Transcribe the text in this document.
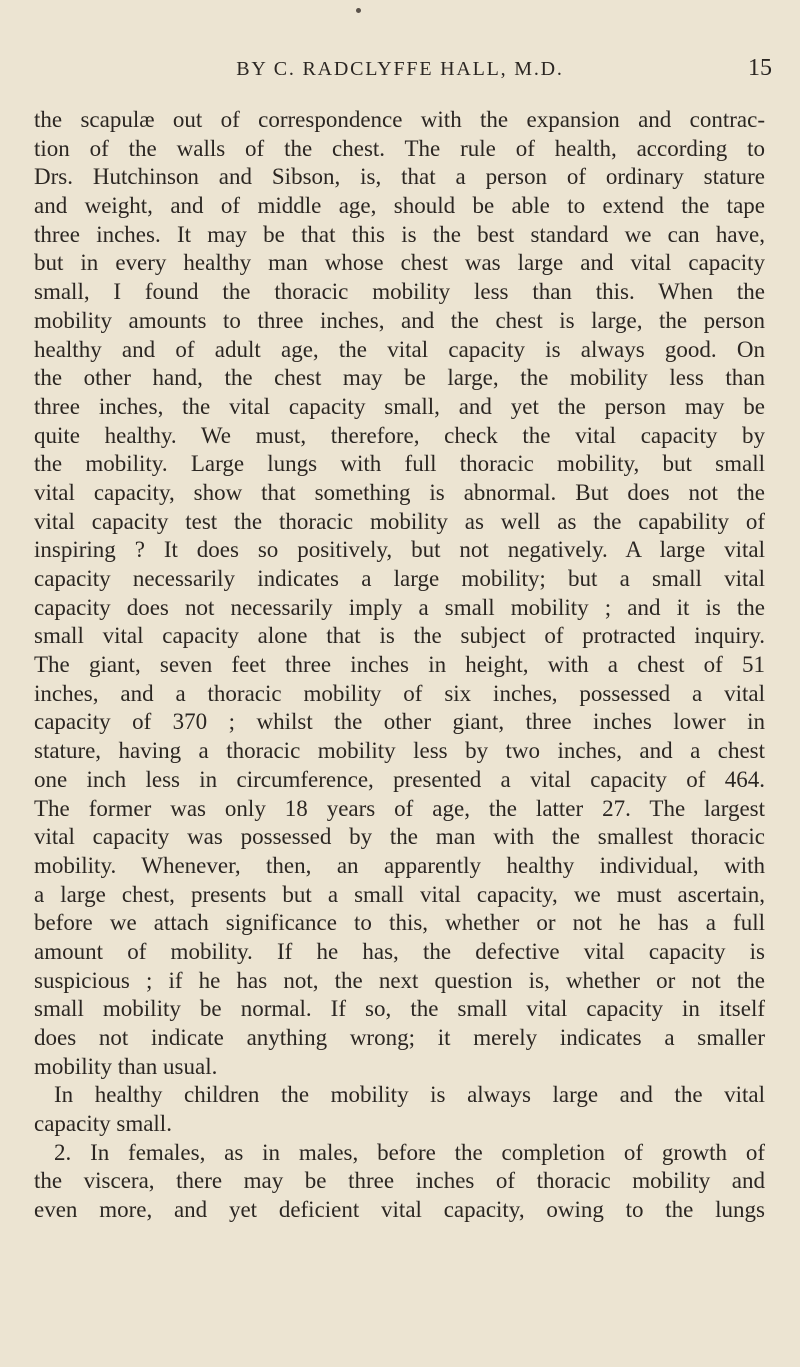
BY C. RADCLYFFE HALL, M.D.	15
the scapulæ out of correspondence with the expansion and contrac-
tion of the walls of the chest. The rule of health, according to
Drs. Hutchinson and Sibson, is, that a person of ordinary stature
and weight, and of middle age, should be able to extend the tape
three inches. It may be that this is the best standard we can have,
but in every healthy man whose chest was large and vital capacity
small, I found the thoracic mobility less than this. When the
mobility amounts to three inches, and the chest is large, the person
healthy and of adult age, the vital capacity is always good. On
the other hand, the chest may be large, the mobility less than
three inches, the vital capacity small, and yet the person may be
quite healthy. We must, therefore, check the vital capacity by
the mobility. Large lungs with full thoracic mobility, but small
vital capacity, show that something is abnormal. But does not the
vital capacity test the thoracic mobility as well as the capability of
inspiring ? It does so positively, but not negatively. A large vital
capacity necessarily indicates a large mobility; but a small vital
capacity does not necessarily imply a small mobility ; and it is the
small vital capacity alone that is the subject of protracted inquiry.
The giant, seven feet three inches in height, with a chest of 51
inches, and a thoracic mobility of six inches, possessed a vital
capacity of 370 ; whilst the other giant, three inches lower in
stature, having a thoracic mobility less by two inches, and a chest
one inch less in circumference, presented a vital capacity of 464.
The former was only 18 years of age, the latter 27. The largest
vital capacity was possessed by the man with the smallest thoracic
mobility. Whenever, then, an apparently healthy individual, with
a large chest, presents but a small vital capacity, we must ascertain,
before we attach significance to this, whether or not he has a full
amount of mobility. If he has, the defective vital capacity is
suspicious ; if he has not, the next question is, whether or not the
small mobility be normal. If so, the small vital capacity in itself
does not indicate anything wrong; it merely indicates a smaller
mobility than usual.
In healthy children the mobility is always large and the vital
capacity small.
2. In females, as in males, before the completion of growth of
the viscera, there may be three inches of thoracic mobility and
even more, and yet deficient vital capacity, owing to the lungs
